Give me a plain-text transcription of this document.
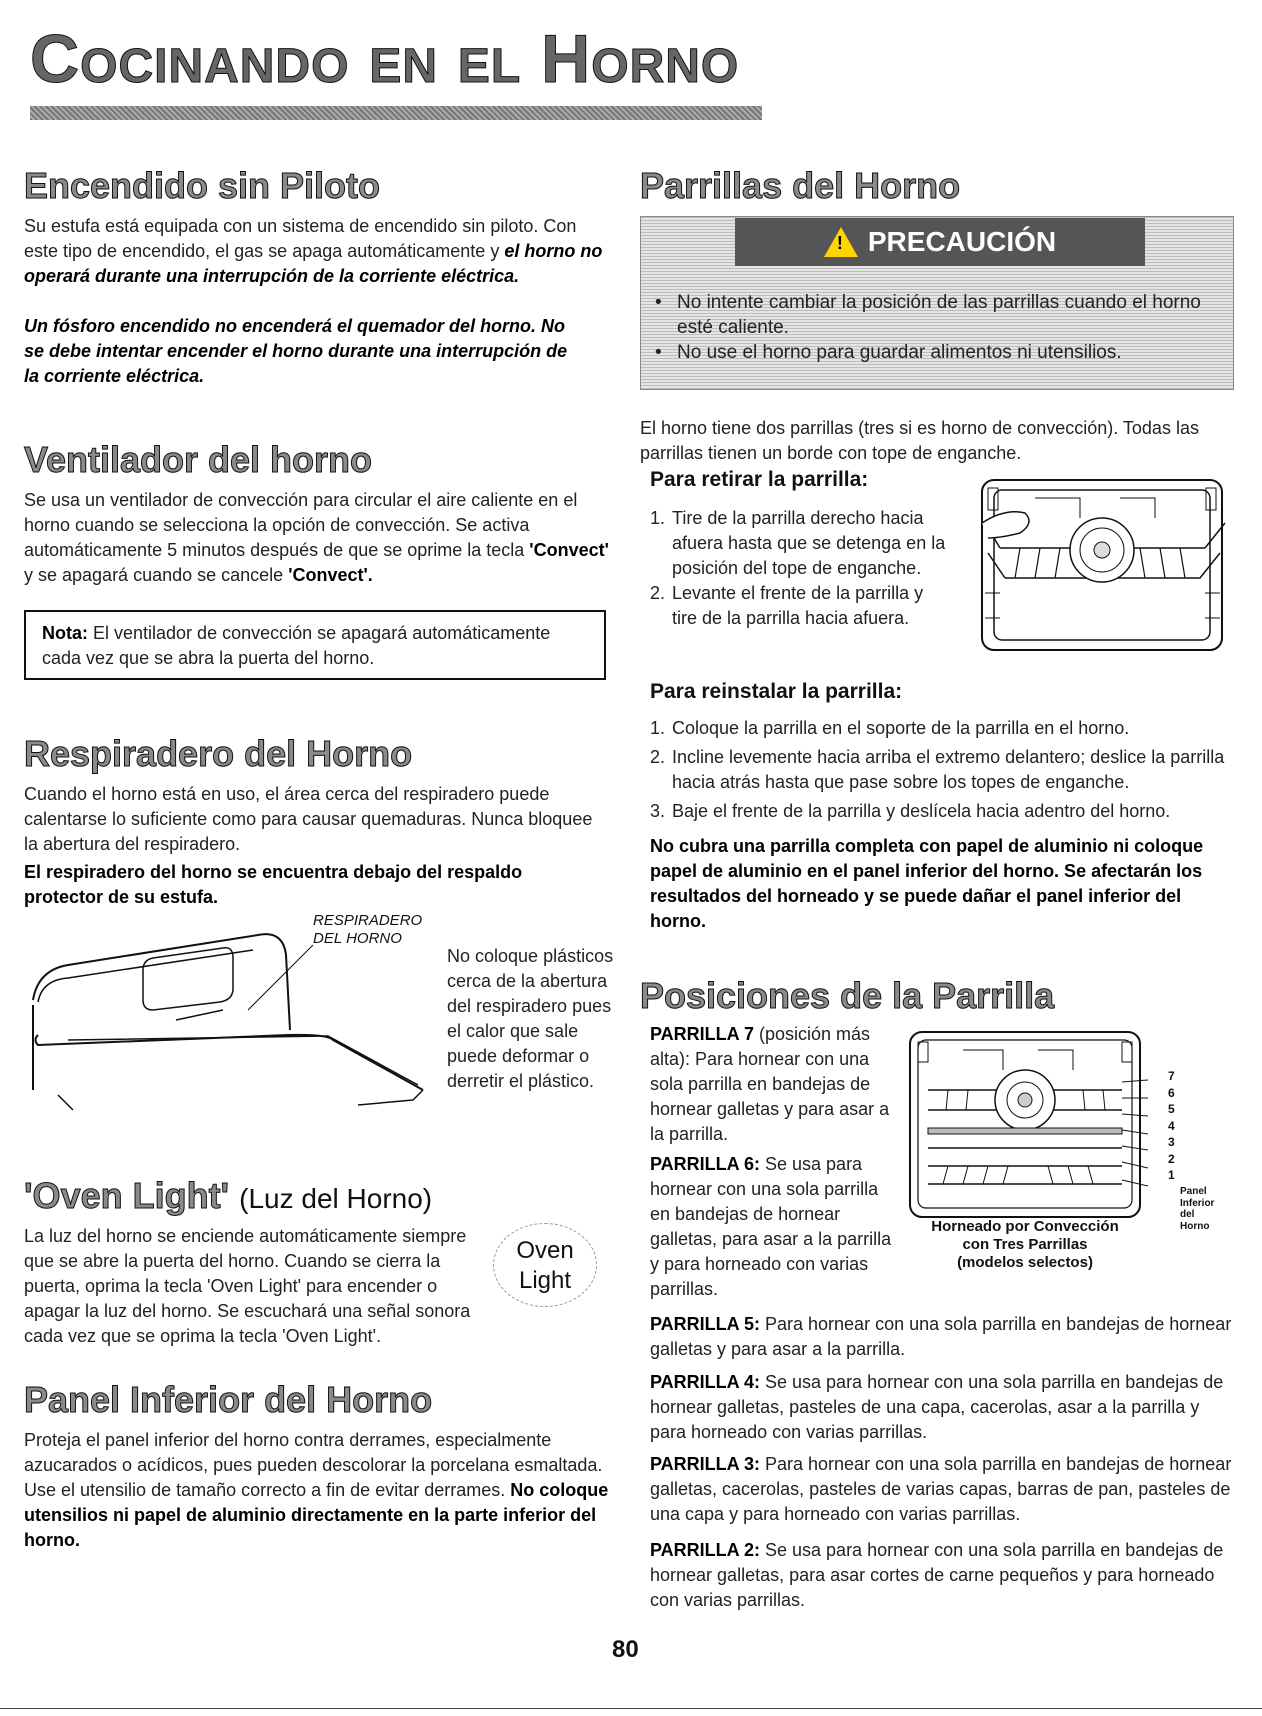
Cocinando en el Horno
Encendido sin Piloto
Su estufa está equipada con un sistema de encendido sin piloto. Con este tipo de encendido, el gas se apaga automáticamente y el horno no operará durante una interrupción de la corriente eléctrica.
Un fósforo encendido no encenderá el quemador del horno. No se debe intentar encender el horno durante una interrupción de la corriente eléctrica.
Ventilador del horno
Se usa un ventilador de convección para circular el aire caliente en el horno cuando se selecciona la opción de convección. Se activa automáticamente 5 minutos después de que se oprime la tecla 'Convect' y se apagará cuando se cancele 'Convect'.
Nota: El ventilador de convección se apagará automáticamente cada vez que se abra la puerta del horno.
Respiradero del Horno
Cuando el horno está en uso, el área cerca del respiradero puede calentarse lo suficiente como para causar quemaduras. Nunca bloquee la abertura del respiradero.
El respiradero del horno se encuentra debajo del respaldo protector de su estufa.
RESPIRADERO
DEL HORNO
No coloque plásticos cerca de la abertura del respiradero pues el calor que sale puede deformar o derretir el plástico.
'Oven Light' (Luz del Horno)
La luz del horno se enciende automáticamente siempre que se abre la puerta del horno. Cuando se cierra la puerta, oprima la tecla 'Oven Light' para encender o apagar la luz del horno. Se escuchará una señal sonora cada vez que se oprima la tecla 'Oven Light'.
Oven
Light
Panel Inferior del Horno
Proteja el panel inferior del horno contra derrames, especialmente azucarados o acídicos, pues pueden descolorar la porcelana esmaltada. Use el utensilio de tamaño correcto a fin de evitar derrames. No coloque utensilios ni papel de aluminio directamente en la parte inferior del horno.
Parrillas del Horno
! PRECAUCIÓN
• No intente cambiar la posición de las parrillas cuando el horno esté caliente.
• No use el horno para guardar alimentos ni utensilios.
El horno tiene dos parrillas (tres si es horno de convección). Todas las parrillas tienen un borde con tope de enganche.
Para retirar la parrilla:
1. Tire de la parrilla derecho hacia afuera hasta que se detenga en la posición del tope de enganche.
2. Levante el frente de la parrilla y tire de la parrilla hacia afuera.
Para reinstalar la parrilla:
1. Coloque la parrilla en el soporte de la parrilla en el horno.
2. Incline levemente hacia arriba el extremo delantero; deslice la parrilla hacia atrás hasta que pase sobre los topes de enganche.
3. Baje el frente de la parrilla y deslícela hacia adentro del horno.
No cubra una parrilla completa con papel de aluminio ni coloque papel de aluminio en el panel inferior del horno. Se afectarán los resultados del horneado y se puede dañar el panel inferior del horno.
Posiciones de la Parrilla
PARRILLA 7 (posición más alta): Para hornear con una sola parrilla en bandejas de hornear galletas y para asar a la parrilla.
PARRILLA 6: Se usa para hornear con una sola parrilla en bandejas de hornear galletas, para asar a la parrilla y para horneado con varias parrillas.
7
6
5
4
3
2
1
Panel
Inferior
del
Horno
Horneado por Convección
con Tres Parrillas
(modelos selectos)
PARRILLA 5: Para hornear con una sola parrilla en bandejas de hornear galletas y para asar a la parrilla.
PARRILLA 4: Se usa para hornear con una sola parrilla en bandejas de hornear galletas, pasteles de una capa, cacerolas, asar a la parrilla y para horneado con varias parrillas.
PARRILLA 3: Para hornear con una sola parrilla en bandejas de hornear galletas, cacerolas, pasteles de varias capas, barras de pan, pasteles de una capa y para horneado con varias parrillas.
PARRILLA 2: Se usa para hornear con una sola parrilla en bandejas de hornear galletas, para asar cortes de carne pequeños y para horneado con varias parrillas.
80
